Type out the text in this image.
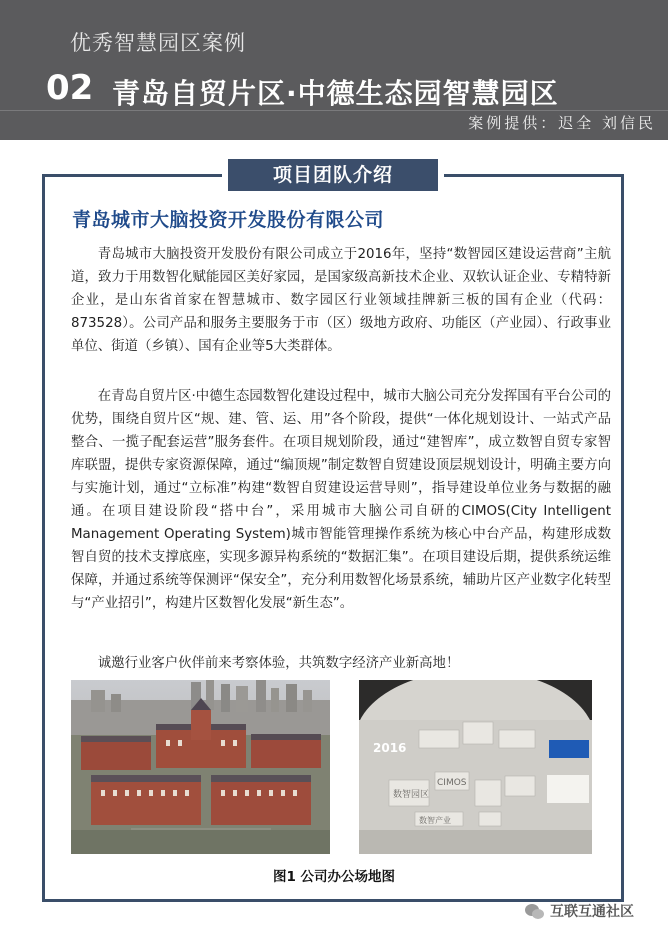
优秀智慧园区案例
02 青岛自贸片区·中德生态园智慧园区
案例提供：迟全 刘信民
项目团队介绍
青岛城市大脑投资开发股份有限公司

青岛城市大脑投资开发股份有限公司成立于2016年，坚持“数智园区建设运营商”主航道，致力于用数智化赋能园区美好家园，是国家级高新技术企业、双软认证企业、专精特新企业，是山东省首家在智慧城市、数字园区行业领域挂牌新三板的国有企业（代码：873528）。公司产品和服务主要服务于市（区）级地方政府、功能区（产业园）、行政事业单位、街道（乡镇）、国有企业等5大类群体。

在青岛自贸片区·中德生态园数智化建设过程中，城市大脑公司充分发挥国有平台公司的优势，围绕自贸片区“规、建、管、运、用”各个阶段，提供“一体化规划设计、一站式产品整合、一揽子配套运营”服务套件。在项目规划阶段，通过“建智库”，成立数智自贸专家智库联盟，提供专家资源保障，通过“编顶规”制定数智自贸建设顶层规划设计，明确主要方向与实施计划，通过“立标准”构建“数智自贸建设运营导则”，指导建设单位业务与数据的融通。在项目建设阶段“搭中台”，采用城市大脑公司自研的CIMOS(City Intelligent Management Operating System)城市智能管理操作系统为核心中台产品，构建形成数智自贸的技术支撑底座，实现多源异构系统的“数据汇集”。在项目建设后期，提供系统运维保障，并通过系统等保测评“保安全”，充分利用数智化场景系统，辅助片区产业数字化转型与“产业招引”，构建片区数智化发展“新生态”。

诚邀行业客户伙伴前来考察体验，共筑数字经济产业新高地！

2016
CIMOS
数智园区
数智产业
图1 公司办公场地图
互联互通社区
